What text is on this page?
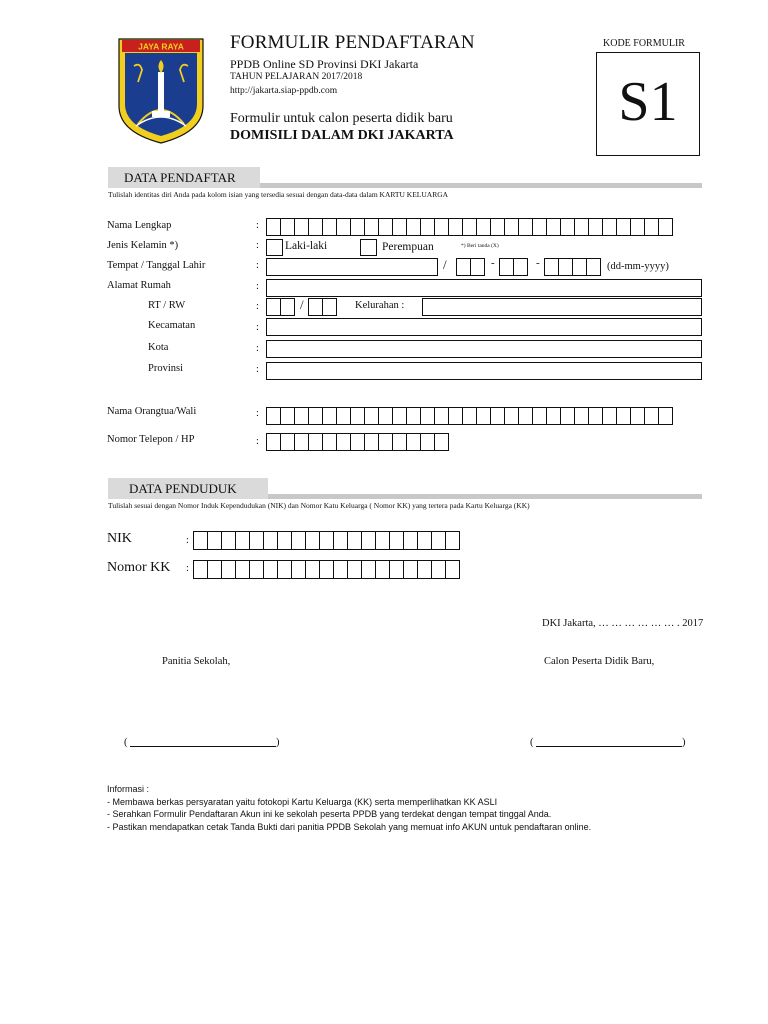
JAYA RAYA FORMULIR PENDAFTARAN
PPDB Online SD Provinsi DKI Jakarta
TAHUN PELAJARAN 2017/2018
http://jakarta.siap-ppdb.com
Formulir untuk calon peserta didik baru
DOMISILI DALAM DKI JAKARTA
KODE FORMULIR
S1
DATA PENDAFTAR
Tulislah identitas diri Anda pada kolom isian yang tersedia sesuai dengan data-data dalam KARTU KELUARGA
Nama Lengkap	:
Jenis Kelamin *)	: Laki-laki	Perempuan	*) Beri tanda (X)
Tempat / Tanggal Lahir	:	/	-	-	(dd-mm-yyyy)
Alamat Rumah	:
RT / RW	:	/	Kelurahan :
Kecamatan	:
Kota	:
Provinsi	:
Nama Orangtua/Wali	:
Nomor Telepon / HP	:
DATA PENDUDUK
Tulislah sesuai dengan Nomor Induk Kependudukan (NIK) dan Nomor Katu Keluarga ( Nomor KK) yang tertera pada Kartu Keluarga (KK)
NIK	:
Nomor KK :
DKI Jakarta, … … … … … … . 2017
Panitia Sekolah,	Calon Peserta Didik Baru,
(	)	(	)
Informasi :
- Membawa berkas persyaratan yaitu fotokopi Kartu Keluarga (KK) serta memperlihatkan KK ASLI
- Serahkan Formulir Pendaftaran Akun ini ke sekolah peserta PPDB yang terdekat dengan tempat tinggal Anda.
- Pastikan mendapatkan cetak Tanda Bukti dari panitia PPDB Sekolah yang memuat info AKUN untuk pendaftaran online.
